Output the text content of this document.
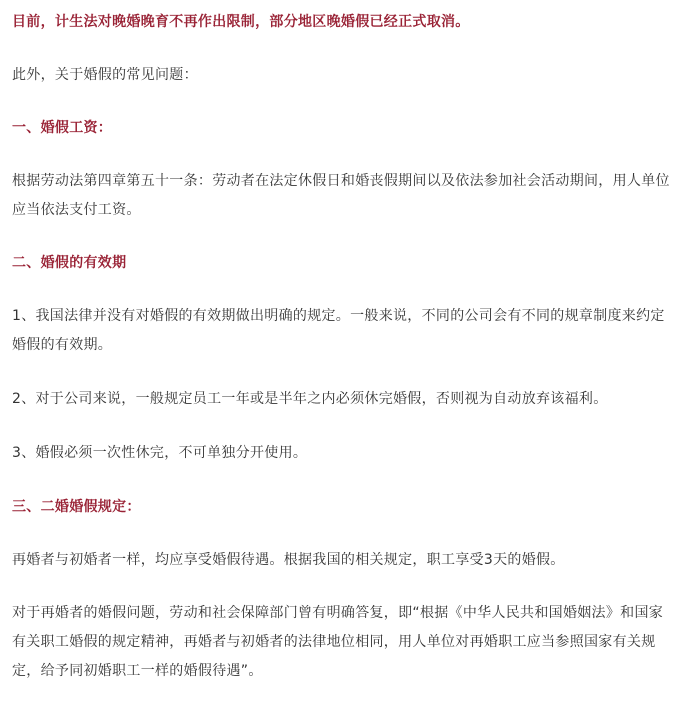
目前，计生法对晚婚晚育不再作出限制，部分地区晚婚假已经正式取消。

此外，关于婚假的常见问题：

一、婚假工资：

根据劳动法第四章第五十一条：劳动者在法定休假日和婚丧假期间以及依法参加社会活动期间，用人单位应当依法支付工资。

二、婚假的有效期

1、我国法律并没有对婚假的有效期做出明确的规定。一般来说，不同的公司会有不同的规章制度来约定婚假的有效期。

2、对于公司来说，一般规定员工一年或是半年之内必须休完婚假，否则视为自动放弃该福利。

3、婚假必须一次性休完，不可单独分开使用。

三、二婚婚假规定：

再婚者与初婚者一样，均应享受婚假待遇。根据我国的相关规定，职工享受3天的婚假。

对于再婚者的婚假问题，劳动和社会保障部门曾有明确答复，即“根据《中华人民共和国婚姻法》和国家有关职工婚假的规定精神，再婚者与初婚者的法律地位相同，用人单位对再婚职工应当参照国家有关规定，给予同初婚职工一样的婚假待遇”。
